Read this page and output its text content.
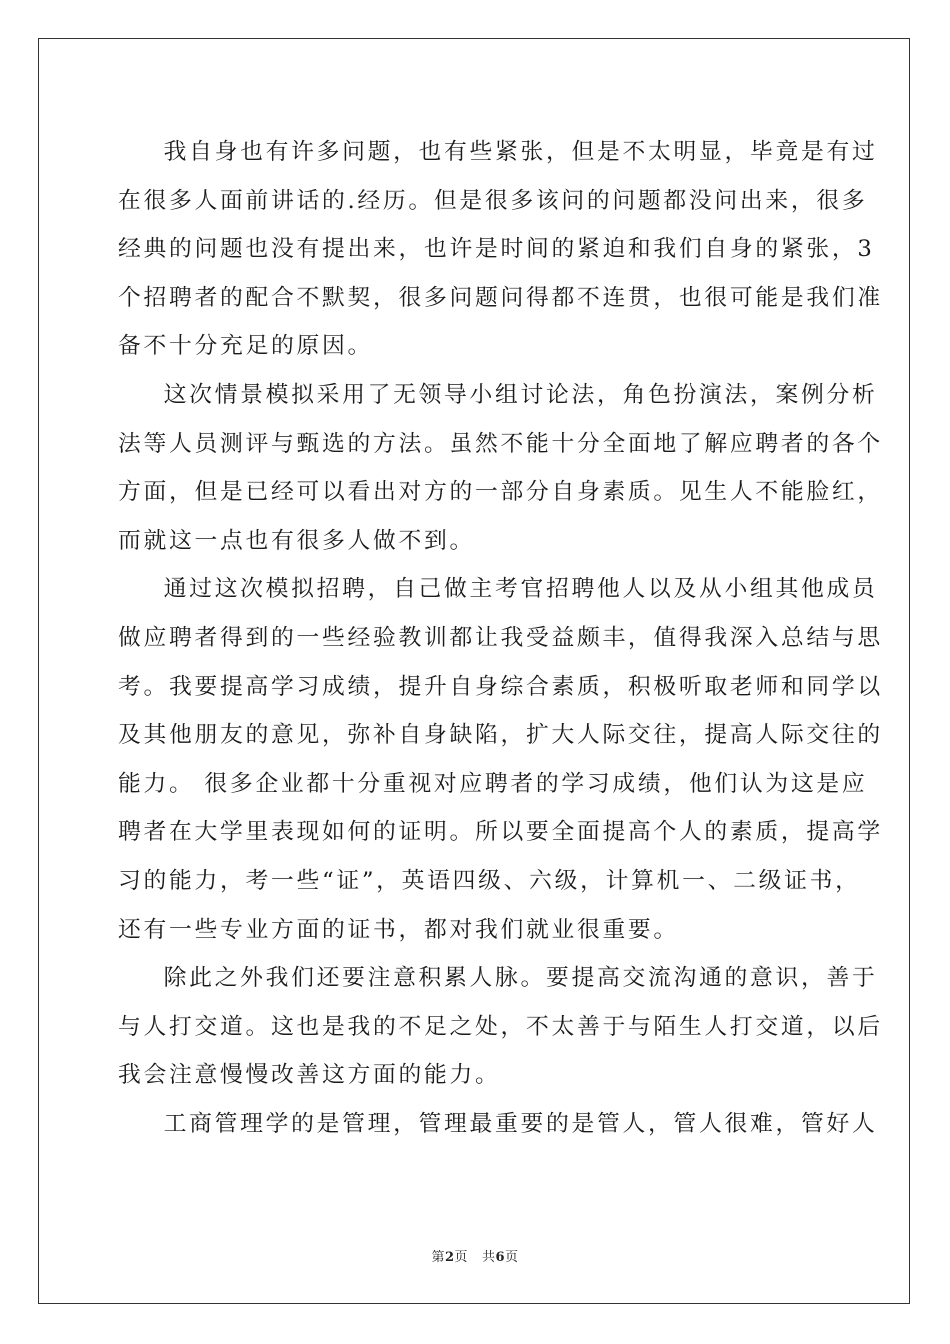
我自身也有许多问题，也有些紧张，但是不太明显，毕竟是有过
在很多人面前讲话的.经历。但是很多该问的问题都没问出来，很多
经典的问题也没有提出来，也许是时间的紧迫和我们自身的紧张，3
个招聘者的配合不默契，很多问题问得都不连贯，也很可能是我们准
备不十分充足的原因。
这次情景模拟采用了无领导小组讨论法，角色扮演法，案例分析
法等人员测评与甄选的方法。虽然不能十分全面地了解应聘者的各个
方面，但是已经可以看出对方的一部分自身素质。见生人不能脸红，
而就这一点也有很多人做不到。
通过这次模拟招聘，自己做主考官招聘他人以及从小组其他成员
做应聘者得到的一些经验教训都让我受益颇丰，值得我深入总结与思
考。我要提高学习成绩，提升自身综合素质，积极听取老师和同学以
及其他朋友的意见，弥补自身缺陷，扩大人际交往，提高人际交往的
能力。 很多企业都十分重视对应聘者的学习成绩，他们认为这是应
聘者在大学里表现如何的证明。所以要全面提高个人的素质，提高学
习的能力，考一些“证”，英语四级、六级，计算机一、二级证书，
还有一些专业方面的证书，都对我们就业很重要。
除此之外我们还要注意积累人脉。要提高交流沟通的意识，善于
与人打交道。这也是我的不足之处，不太善于与陌生人打交道，以后
我会注意慢慢改善这方面的能力。
工商管理学的是管理，管理最重要的是管人，管人很难，管好人
第2页 共6页
